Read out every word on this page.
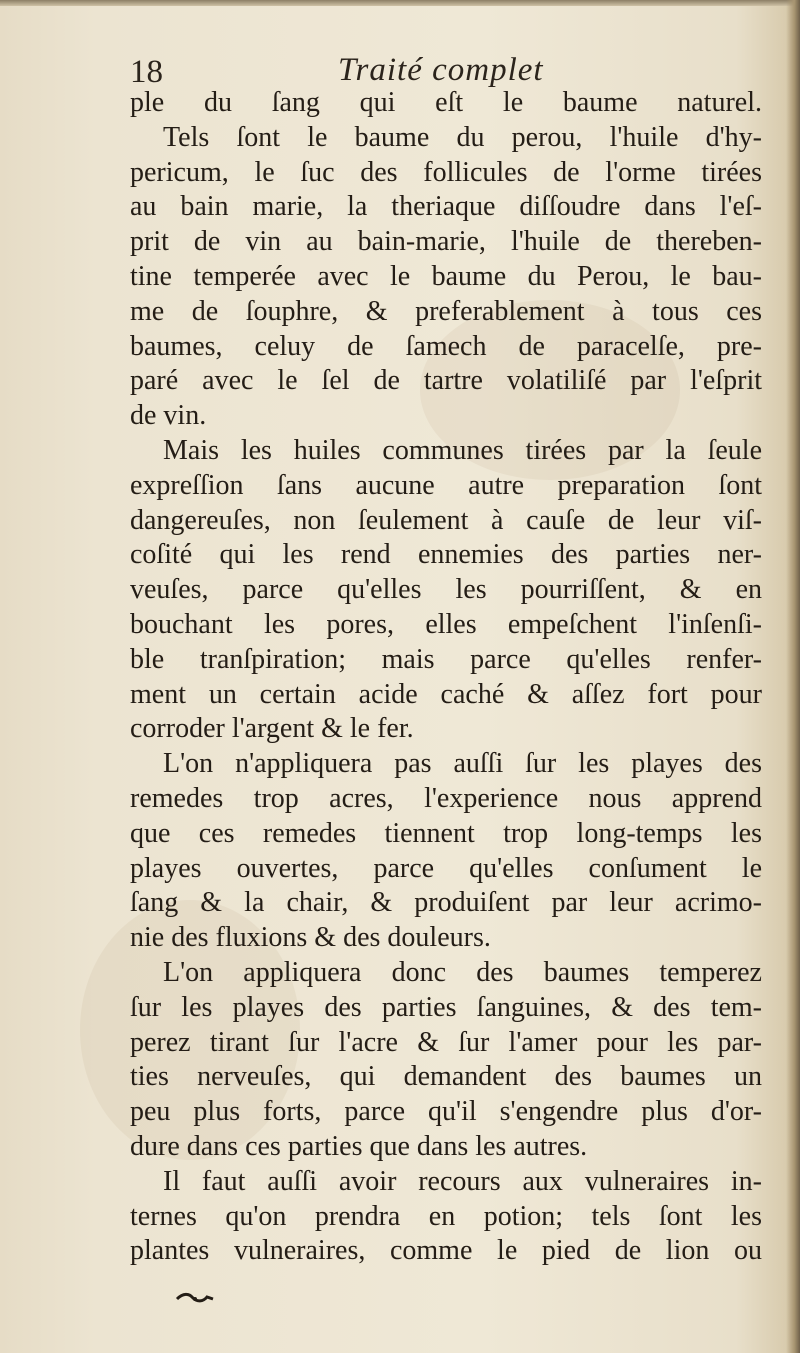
18	Traité complet
ple du ſang qui eſt le baume naturel.
Tels ſont le baume du perou, l'huile d'hy-
pericum, le ſuc des follicules de l'orme tirées
au bain marie, la theriaque diſſoudre dans l'eſ-
prit de vin au bain-marie, l'huile de thereben-
tine temperée avec le baume du Perou, le bau-
me de ſouphre, & preferablement à tous ces
baumes, celuy de ſamech de paracelſe, pre-
paré avec le ſel de tartre volatiliſé par l'eſprit
de vin.
Mais les huiles communes tirées par la ſeule
expreſſion ſans aucune autre preparation ſont
dangereuſes, non ſeulement à cauſe de leur viſ-
coſité qui les rend ennemies des parties ner-
veuſes, parce qu'elles les pourriſſent, & en
bouchant les pores, elles empeſchent l'inſenſi-
ble tranſpiration; mais parce qu'elles renfer-
ment un certain acide caché & aſſez fort pour
corroder l'argent & le fer.
L'on n'appliquera pas auſſi ſur les playes des
remedes trop acres, l'experience nous apprend
que ces remedes tiennent trop long-temps les
playes ouvertes, parce qu'elles conſument le
ſang & la chair, & produiſent par leur acrimo-
nie des fluxions & des douleurs.
L'on appliquera donc des baumes temperez
ſur les playes des parties ſanguines, & des tem-
perez tirant ſur l'acre & ſur l'amer pour les par-
ties nerveuſes, qui demandent des baumes un
peu plus forts, parce qu'il s'engendre plus d'or-
dure dans ces parties que dans les autres.
Il faut auſſi avoir recours aux vulneraires in-
ternes qu'on prendra en potion; tels ſont les
plantes vulneraires, comme le pied de lion ou
